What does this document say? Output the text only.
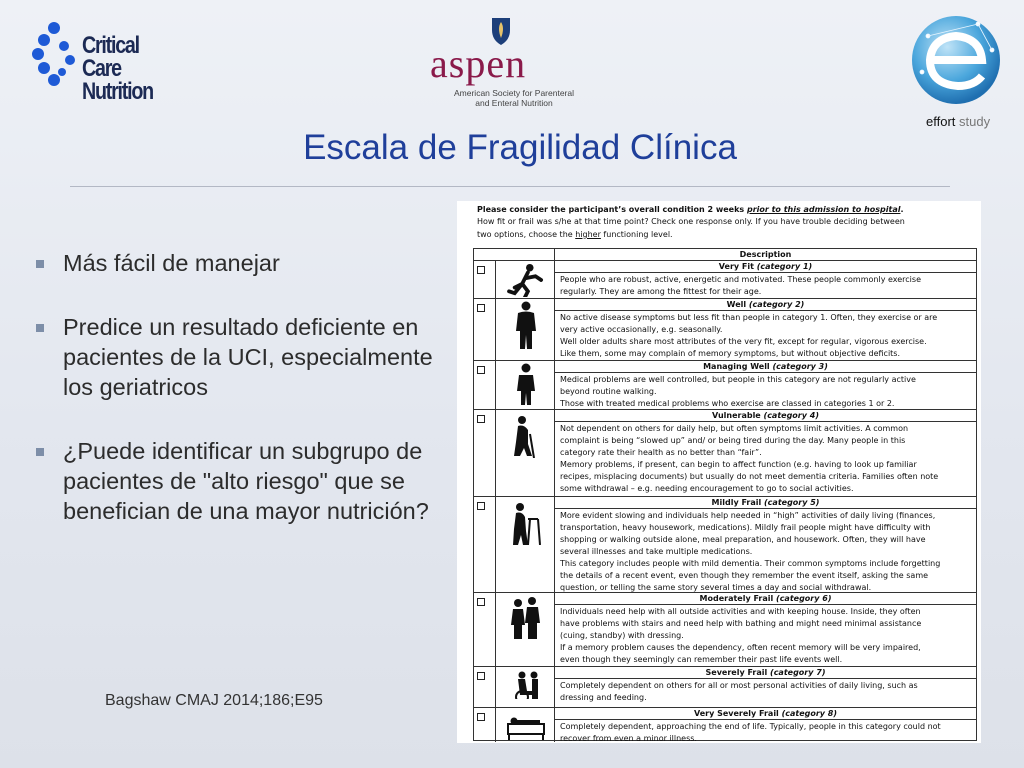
Critical Care
Nutrition
aspen
American Society for Parenteral
and Enteral Nutrition
effort study
Escala de Fragilidad Clínica
Más fácil de manejar
Predice un resultado deficiente en pacientes de la UCI, especialmente los geriatricos
¿Puede identificar un subgrupo de pacientes de "alto riesgo" que se benefician de una mayor nutrición?
Bagshaw CMAJ 2014;186;E95
Please consider the participant’s overall condition 2 weeks prior to this admission to hospital.
How fit or frail was s/he at that time point? Check one response only. If you have trouble deciding between
two options, choose the higher functioning level.
Description
Very Fit (category 1)
People who are robust, active, energetic and motivated. These people commonly exercise
regularly. They are among the fittest for their age.
Well (category 2)
No active disease symptoms but less fit than people in category 1. Often, they exercise or are
very active occasionally, e.g. seasonally.
Well older adults share most attributes of the very fit, except for regular, vigorous exercise.
Like them, some may complain of memory symptoms, but without objective deficits.
Managing Well (category 3)
Medical problems are well controlled, but people in this category are not regularly active
beyond routine walking.
Those with treated medical problems who exercise are classed in categories 1 or 2.
Vulnerable (category 4)
Not dependent on others for daily help, but often symptoms limit activities. A common
complaint is being “slowed up” and/ or being tired during the day. Many people in this
category rate their health as no better than “fair”.
Memory problems, if present, can begin to affect function (e.g. having to look up familiar
recipes, misplacing documents) but usually do not meet dementia criteria. Families often note
some withdrawal – e.g. needing encouragement to go to social activities.
Mildly Frail (category 5)
More evident slowing and individuals help needed in “high” activities of daily living (finances,
transportation, heavy housework, medications). Mildly frail people might have difficulty with
shopping or walking outside alone, meal preparation, and housework. Often, they will have
several illnesses and take multiple medications.
This category includes people with mild dementia. Their common symptoms include forgetting
the details of a recent event, even though they remember the event itself, asking the same
question, or telling the same story several times a day and social withdrawal.
Moderately Frail (category 6)
Individuals need help with all outside activities and with keeping house. Inside, they often
have problems with stairs and need help with bathing and might need minimal assistance
(cuing, standby) with dressing.
If a memory problem causes the dependency, often recent memory will be very impaired,
even though they seemingly can remember their past life events well.
Severely Frail (category 7)
Completely dependent on others for all or most personal activities of daily living, such as
dressing and feeding.
Very Severely Frail (category 8)
Completely dependent, approaching the end of life. Typically, people in this category could not
recover from even a minor illness.
